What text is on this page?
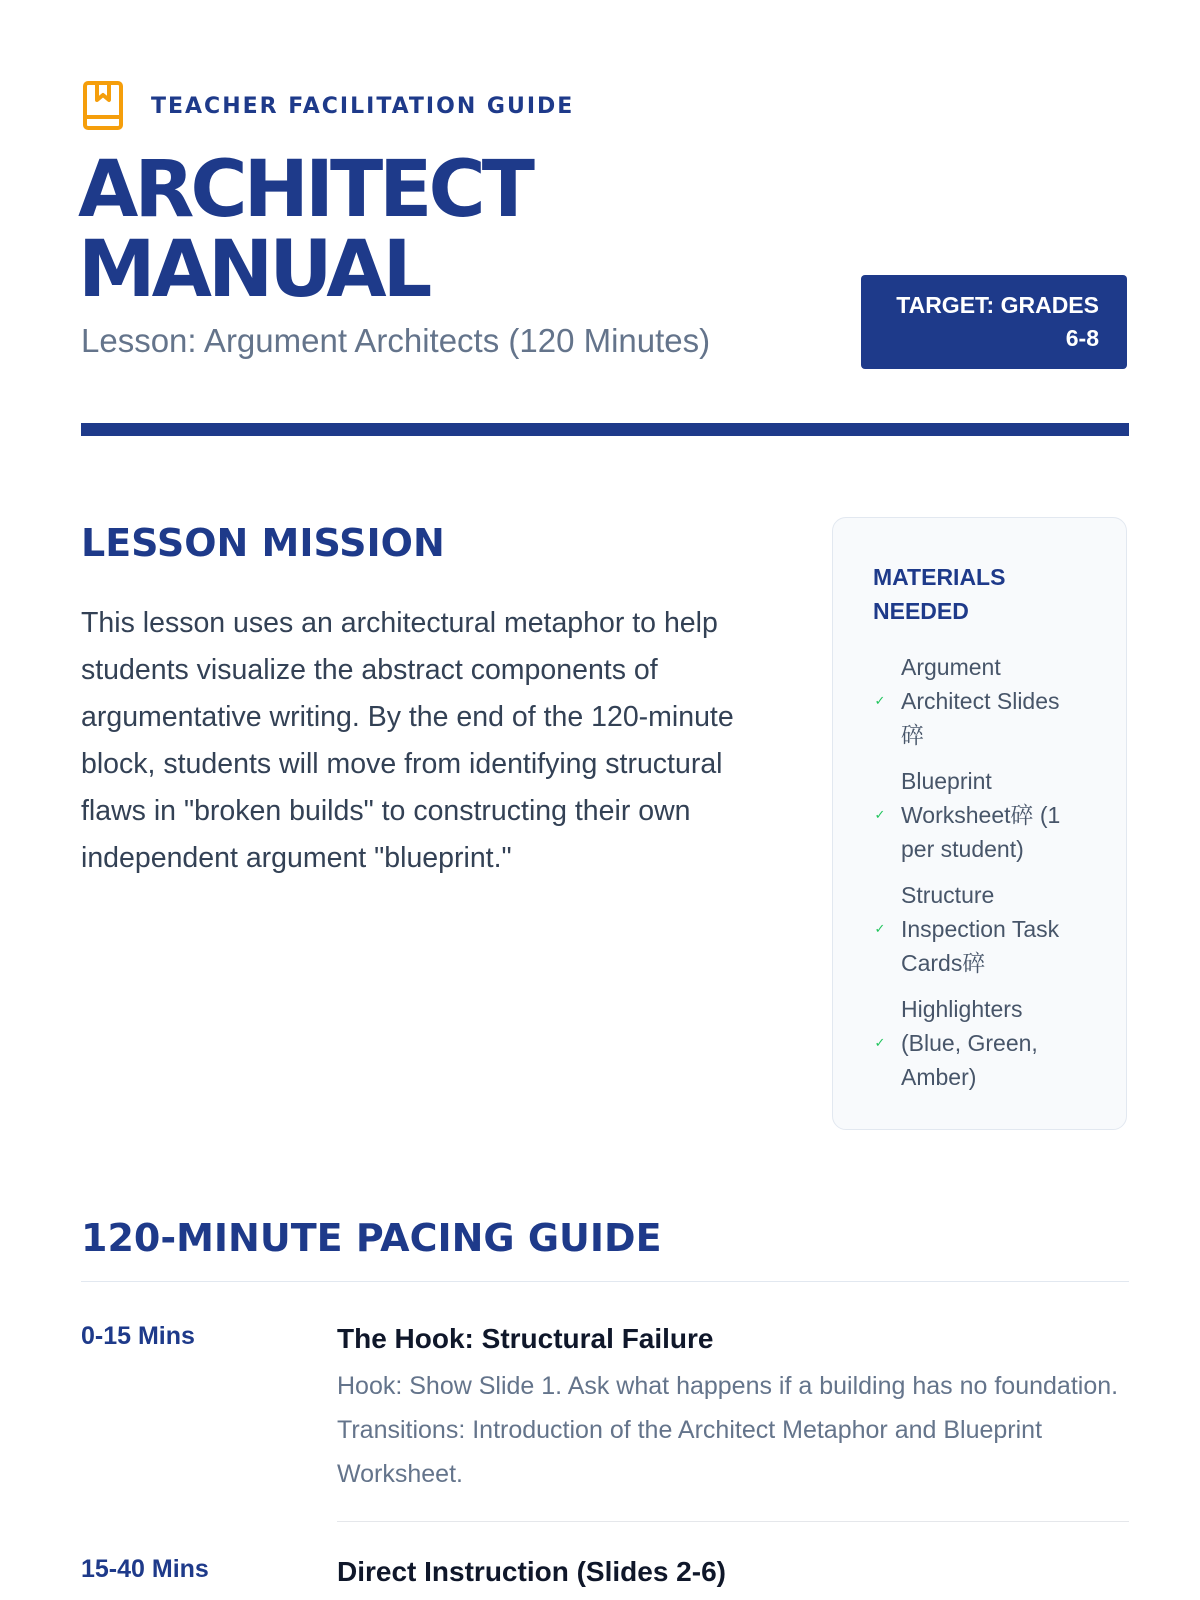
TEACHER FACILITATION GUIDE
ARCHITECT
MANUAL
Lesson: Argument Architects (120 Minutes)
TARGET: GRADES
6-8
LESSON MISSION

This lesson uses an architectural metaphor to help students visualize the abstract components of argumentative writing. By the end of the 120-minute block, students will move from identifying structural flaws in "broken builds" to constructing their own independent argument "blueprint."

MATERIALS NEEDED
✓
Argument Architect Slides 碎
✓
Blueprint Worksheet碎 (1 per student)
✓
Structure Inspection Task Cards碎
✓
Highlighters (Blue, Green, Amber)
120-MINUTE PACING GUIDE
0-15 Mins	The Hook: Structural Failure

Hook: Show Slide 1. Ask what happens if a building has no foundation. Transitions: Introduction of the Architect Metaphor and Blueprint Worksheet.

15-40 Mins	Direct Instruction (Slides 2-6)
